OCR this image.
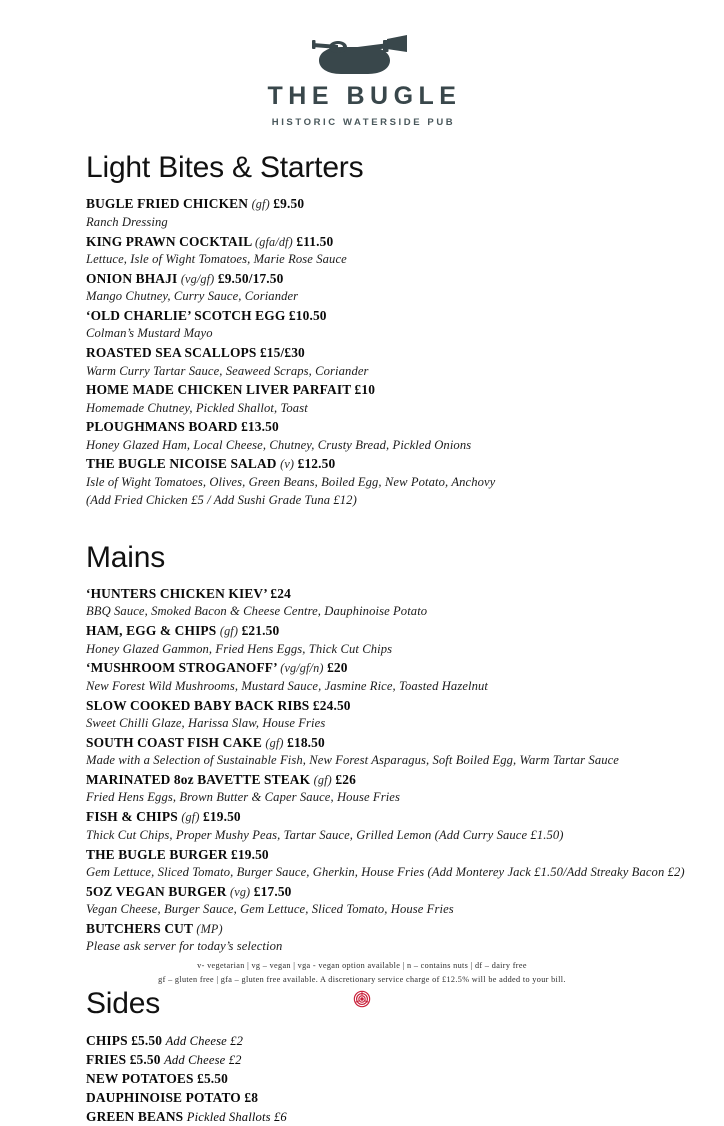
THE BUGLE
HISTORIC WATERSIDE PUB
Light Bites & Starters
BUGLE FRIED CHICKEN (gf) £9.50
Ranch Dressing
KING PRAWN COCKTAIL (gfa/df) £11.50
Lettuce, Isle of Wight Tomatoes, Marie Rose Sauce
ONION BHAJI (vg/gf) £9.50/17.50
Mango Chutney, Curry Sauce, Coriander
‘OLD CHARLIE’ SCOTCH EGG £10.50
Colman’s Mustard Mayo
ROASTED SEA SCALLOPS £15/£30
Warm Curry Tartar Sauce, Seaweed Scraps, Coriander
HOME MADE CHICKEN LIVER PARFAIT £10
Homemade Chutney, Pickled Shallot, Toast
PLOUGHMANS BOARD £13.50
Honey Glazed Ham, Local Cheese, Chutney, Crusty Bread, Pickled Onions
THE BUGLE NICOISE SALAD (v) £12.50
Isle of Wight Tomatoes, Olives, Green Beans, Boiled Egg, New Potato, Anchovy
(Add Fried Chicken £5 / Add Sushi Grade Tuna £12)
Mains
‘HUNTERS CHICKEN KIEV’ £24
BBQ Sauce, Smoked Bacon & Cheese Centre, Dauphinoise Potato
HAM, EGG & CHIPS (gf) £21.50
Honey Glazed Gammon, Fried Hens Eggs, Thick Cut Chips
‘MUSHROOM STROGANOFF’ (vg/gf/n) £20
New Forest Wild Mushrooms, Mustard Sauce, Jasmine Rice, Toasted Hazelnut
SLOW COOKED BABY BACK RIBS £24.50
Sweet Chilli Glaze, Harissa Slaw, House Fries
SOUTH COAST FISH CAKE (gf) £18.50
Made with a Selection of Sustainable Fish, New Forest Asparagus, Soft Boiled Egg, Warm Tartar Sauce
MARINATED 8oz BAVETTE STEAK (gf) £26
Fried Hens Eggs, Brown Butter & Caper Sauce, House Fries
FISH & CHIPS (gf) £19.50
Thick Cut Chips, Proper Mushy Peas, Tartar Sauce, Grilled Lemon (Add Curry Sauce £1.50)
THE BUGLE BURGER £19.50
Gem Lettuce, Sliced Tomato, Burger Sauce, Gherkin, House Fries (Add Monterey Jack £1.50/Add Streaky Bacon £2)
5OZ VEGAN BURGER (vg) £17.50
Vegan Cheese, Burger Sauce, Gem Lettuce, Sliced Tomato, House Fries
BUTCHERS CUT (MP)
Please ask server for today’s selection
Sides
CHIPS £5.50 Add Cheese £2
FRIES £5.50 Add Cheese £2
NEW POTATOES £5.50
DAUPHINOISE POTATO £8
GREEN BEANS Pickled Shallots £6
v- vegetarian | vg – vegan | vga - vegan option available | n – contains nuts | df – dairy free
gf – gluten free | gfa – gluten free available. A discretionary service charge of £12.5% will be added to your bill.
